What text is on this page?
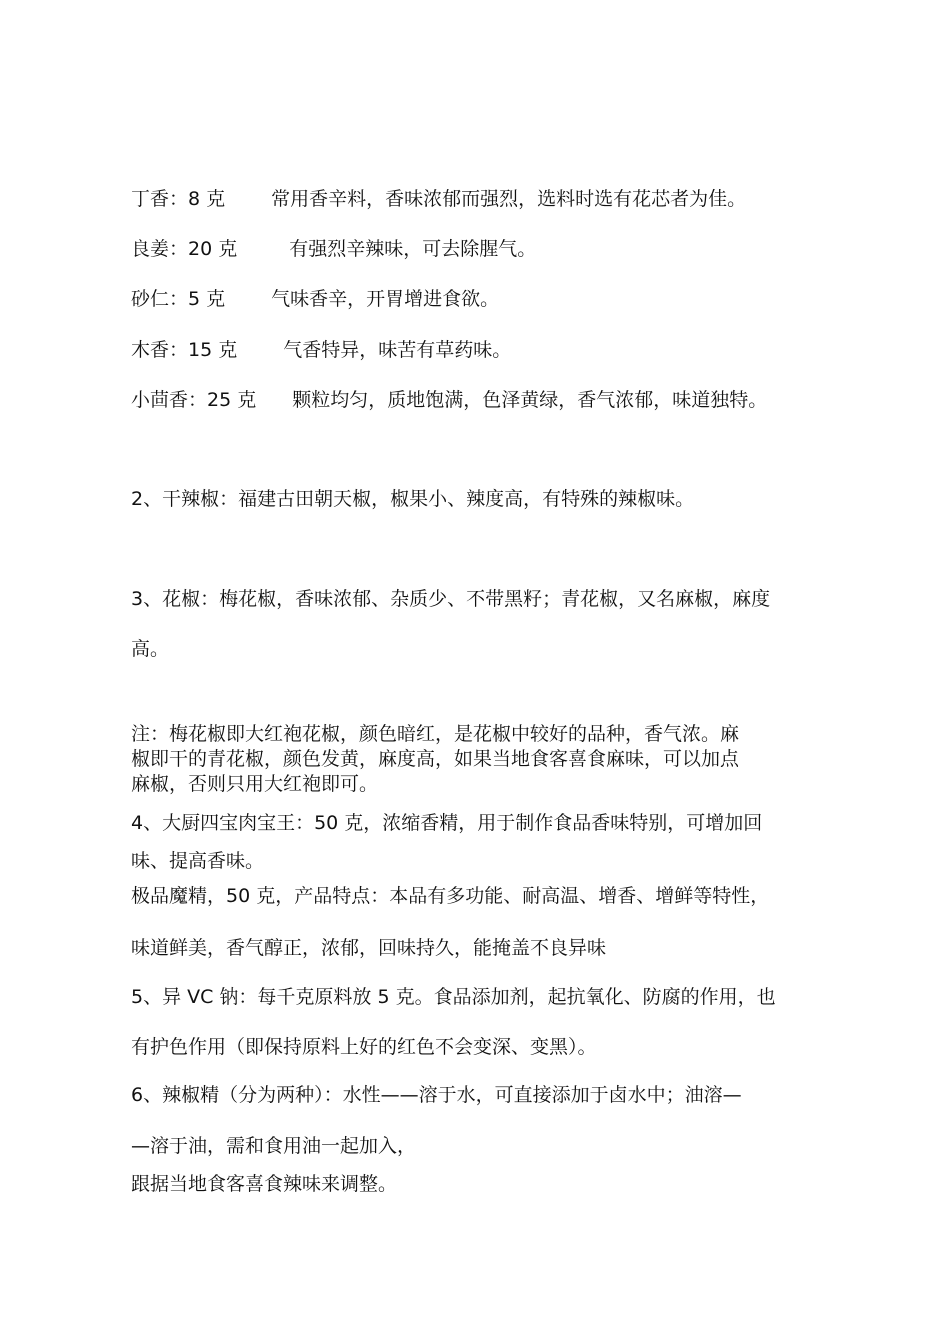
丁香：8 克 常用香辛料，香味浓郁而强烈，选料时选有花芯者为佳。
良姜：20 克	有强烈辛辣味，可去除腥气。
砂仁：5 克 气味香辛，开胃增进食欲。
木香：15 克 气香特异，味苦有草药味。
小茴香：25 克 颗粒均匀，质地饱满，色泽黄绿，香气浓郁，味道独特。
2、干辣椒：福建古田朝天椒，椒果小、辣度高，有特殊的辣椒味。
3、花椒：梅花椒，香味浓郁、杂质少、不带黑籽；青花椒，又名麻椒，麻度
高。
注：梅花椒即大红袍花椒，颜色暗红，是花椒中较好的品种，香气浓。麻
椒即干的青花椒，颜色发黄，麻度高，如果当地食客喜食麻味，可以加点
麻椒，否则只用大红袍即可。
4、大厨四宝肉宝王：50 克，浓缩香精，用于制作食品香味特别，可增加回
味、提高香味。
极品魔精，50 克，产品特点：本品有多功能、耐高温、增香、增鲜等特性，
味道鲜美，香气醇正，浓郁，回味持久，能掩盖不良异味
5、异 VC 钠：每千克原料放 5 克。食品添加剂，起抗氧化、防腐的作用，也
有护色作用（即保持原料上好的红色不会变深、变黑）。
6、辣椒精（分为两种）：水性——溶于水，可直接添加于卤水中；油溶—
—溶于油，需和食用油一起加入，
跟据当地食客喜食辣味来调整。
